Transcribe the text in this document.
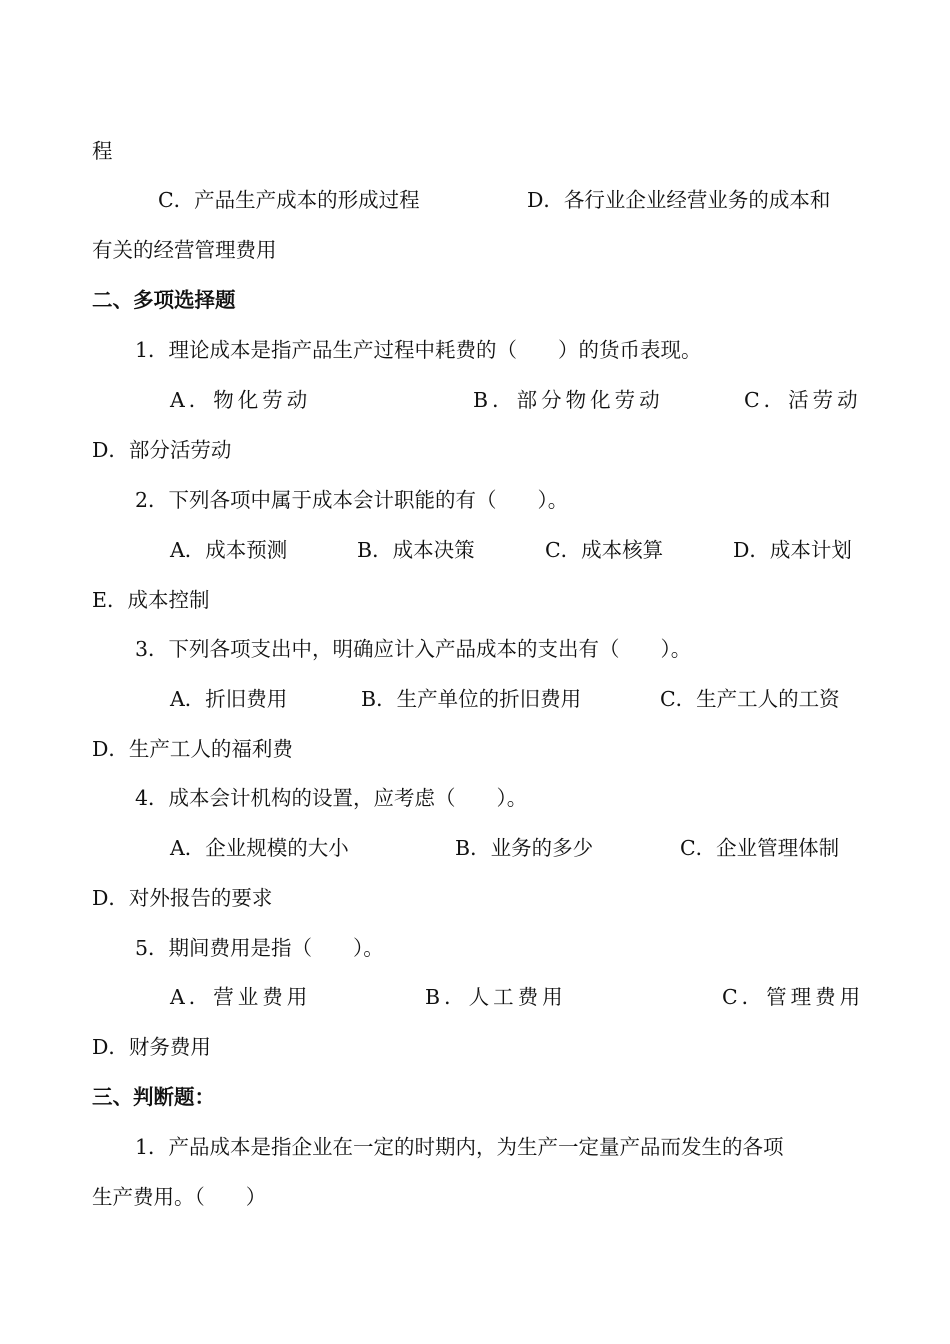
程
C．产品生产成本的形成过程	D．各行业企业经营业务的成本和
有关的经营管理费用
二、多项选择题
1．理论成本是指产品生产过程中耗费的（　　）的货币表现。
A．物化劳动	B．部分物化劳动	C．活劳动
D．部分活劳动
2．下列各项中属于成本会计职能的有（　　）。
A．成本预测	B．成本决策	C．成本核算	D．成本计划
E．成本控制
3．下列各项支出中，明确应计入产品成本的支出有（　　）。
A．折旧费用	B．生产单位的折旧费用	C．生产工人的工资
D．生产工人的福利费
4．成本会计机构的设置，应考虑（　　）。
A．企业规模的大小	B．业务的多少	C．企业管理体制
D．对外报告的要求
5．期间费用是指（　　）。
A．营业费用	B．人工费用	C．管理费用
D．财务费用
三、判断题：
1．产品成本是指企业在一定的时期内，为生产一定量产品而发生的各项
生产费用。（　　）
